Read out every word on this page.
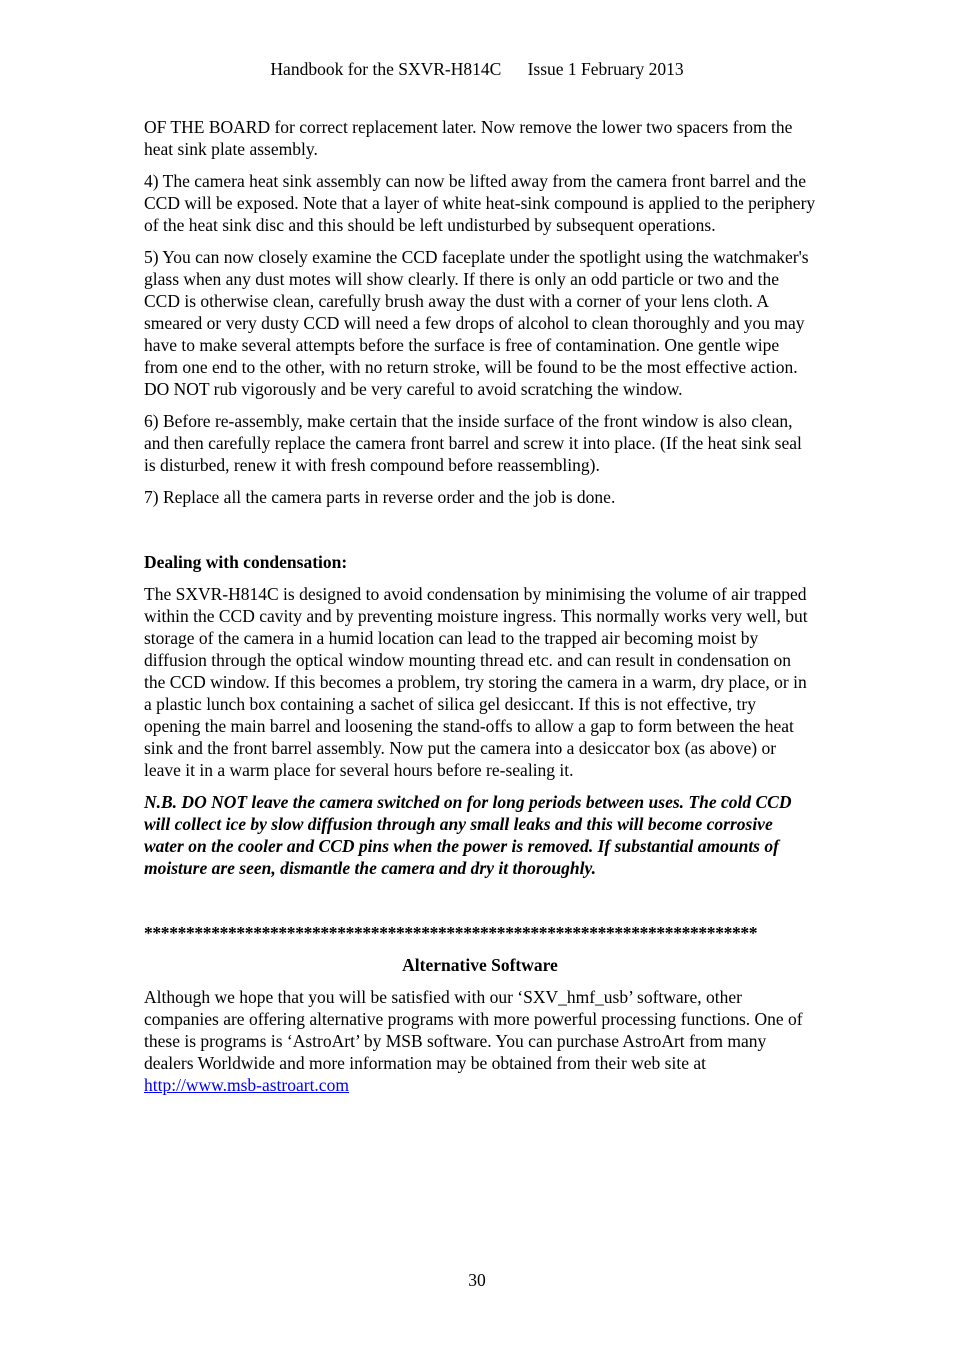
Handbook for the SXVR-H814C Issue 1 February 2013

OF THE BOARD for correct replacement later. Now remove the lower two spacers from the heat sink plate assembly.

4) The camera heat sink assembly can now be lifted away from the camera front barrel and the CCD will be exposed. Note that a layer of white heat-sink compound is applied to the periphery of the heat sink disc and this should be left undisturbed by subsequent operations.

5) You can now closely examine the CCD faceplate under the spotlight using the watchmaker's glass when any dust motes will show clearly. If there is only an odd particle or two and the CCD is otherwise clean, carefully brush away the dust with a corner of your lens cloth. A smeared or very dusty CCD will need a few drops of alcohol to clean thoroughly and you may have to make several attempts before the surface is free of contamination. One gentle wipe from one end to the other, with no return stroke, will be found to be the most effective action. DO NOT rub vigorously and be very careful to avoid scratching the window.

6) Before re-assembly, make certain that the inside surface of the front window is also clean, and then carefully replace the camera front barrel and screw it into place. (If the heat sink seal is disturbed, renew it with fresh compound before reassembling).

7) Replace all the camera parts in reverse order and the job is done.

Dealing with condensation:

The SXVR-H814C is designed to avoid condensation by minimising the volume of air trapped within the CCD cavity and by preventing moisture ingress. This normally works very well, but storage of the camera in a humid location can lead to the trapped air becoming moist by diffusion through the optical window mounting thread etc. and can result in condensation on the CCD window. If this becomes a problem, try storing the camera in a warm, dry place, or in a plastic lunch box containing a sachet of silica gel desiccant. If this is not effective, try opening the main barrel and loosening the stand-offs to allow a gap to form between the heat sink and the front barrel assembly. Now put the camera into a desiccator box (as above) or leave it in a warm place for several hours before re-sealing it.

N.B. DO NOT leave the camera switched on for long periods between uses. The cold CCD will collect ice by slow diffusion through any small leaks and this will become corrosive water on the cooler and CCD pins when the power is removed. If substantial amounts of moisture are seen, dismantle the camera and dry it thoroughly.

*************************************************************************

Alternative Software

Although we hope that you will be satisfied with our ‘SXV_hmf_usb’ software, other companies are offering alternative programs with more powerful processing functions. One of these is programs is ‘AstroArt’ by MSB software. You can purchase AstroArt from many dealers Worldwide and more information may be obtained from their web site at http://www.msb-astroart.com

30
